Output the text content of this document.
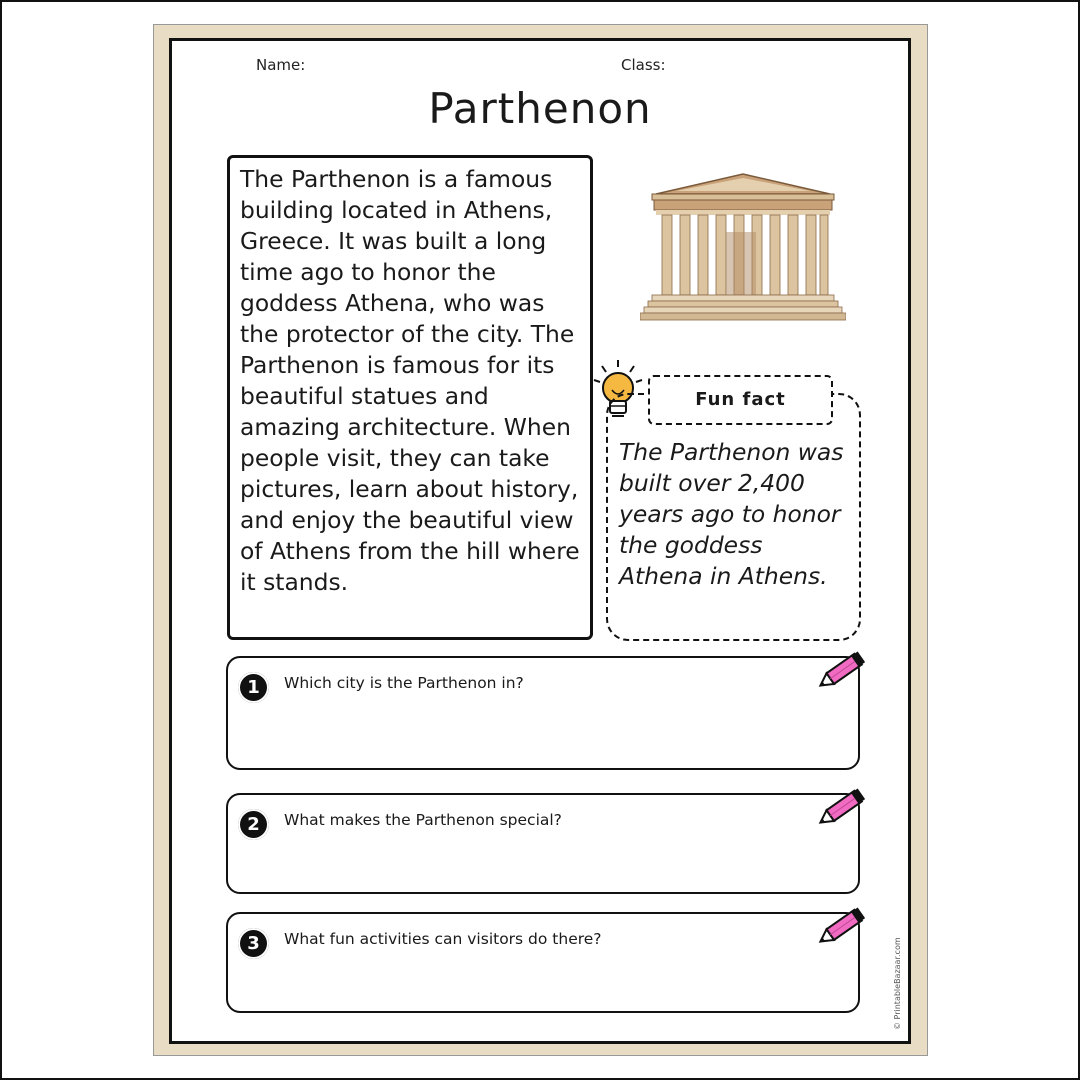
Name:	Class:
Parthenon

The Parthenon is a famous building located in Athens, Greece. It was built a long time ago to honor the goddess Athena, who was the protector of the city. The Parthenon is famous for its beautiful statues and amazing architecture. When people visit, they can take pictures, learn about history, and enjoy the beautiful view of Athens from the hill where it stands.

The Parthenon was built over 2,400 years ago to honor the goddess Athena in Athens.

Fun fact
1	Which city is the Parthenon in?
2	What makes the Parthenon special?
3	What fun activities can visitors do there?	© PrintableBazaar.com
